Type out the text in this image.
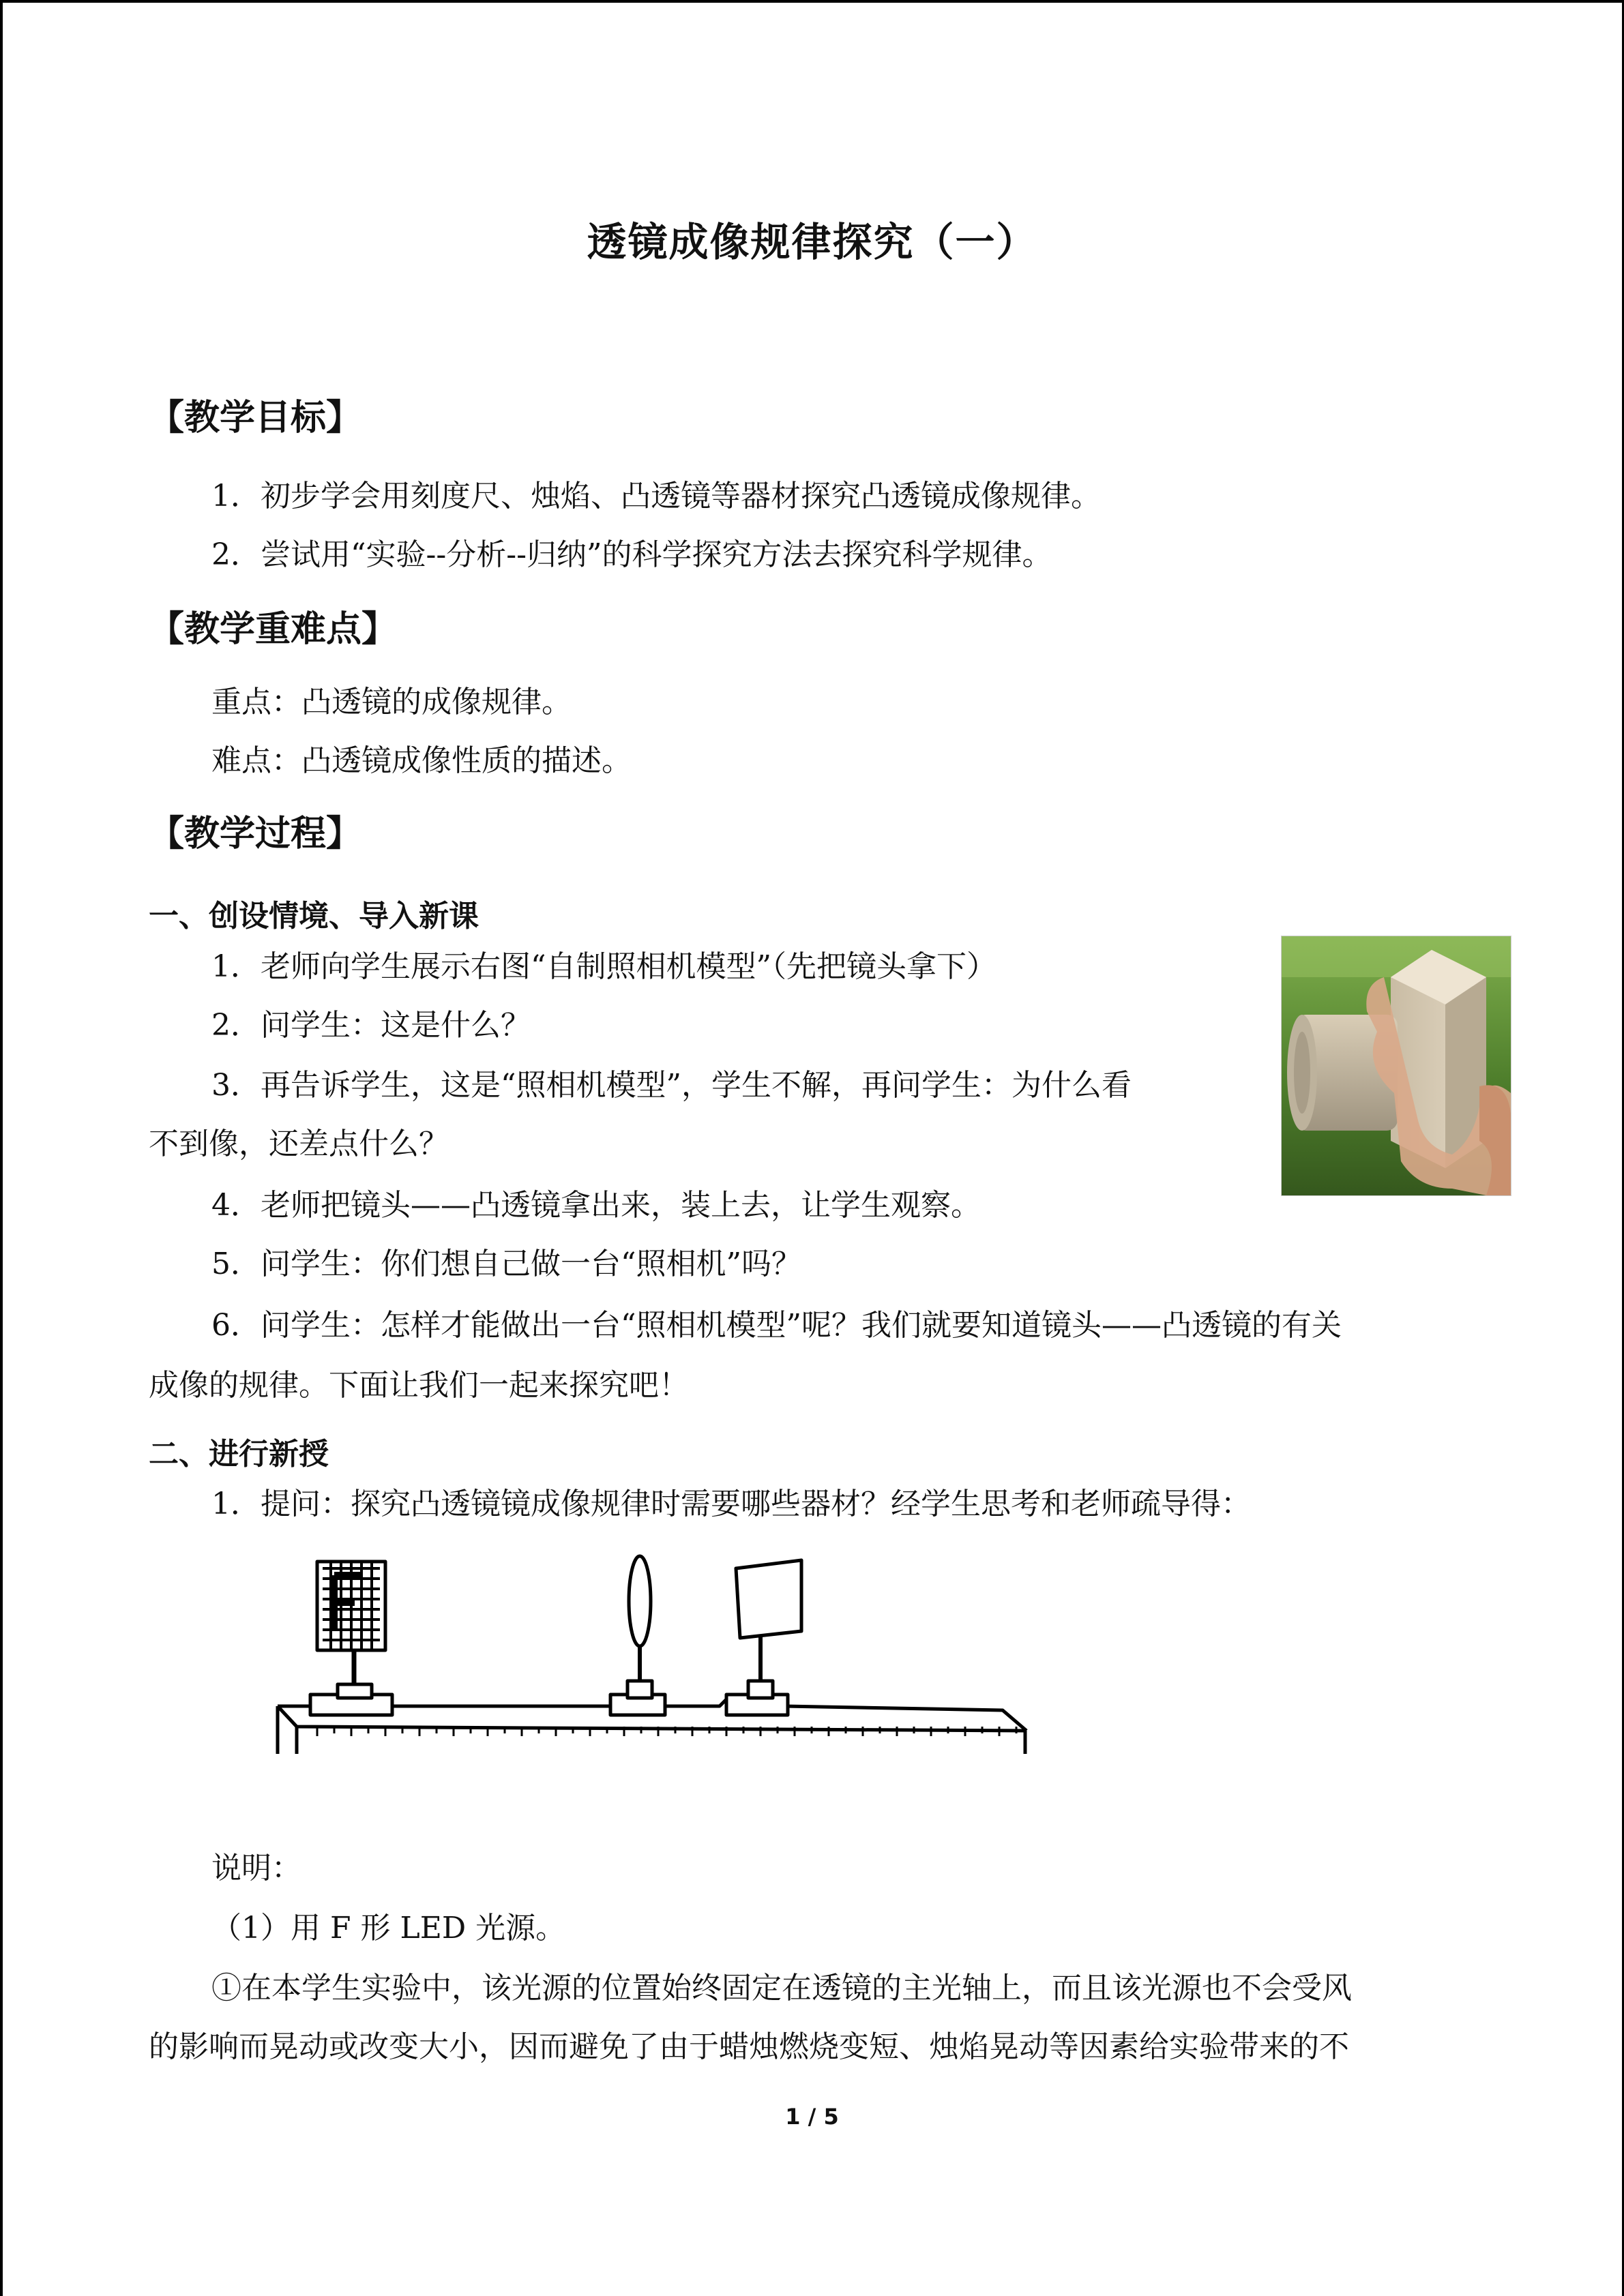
透镜成像规律探究（一）
【教学目标】
1．初步学会用刻度尺、烛焰、凸透镜等器材探究凸透镜成像规律。
2．尝试用“实验--分析--归纳”的科学探究方法去探究科学规律。
【教学重难点】
重点：凸透镜的成像规律。
难点：凸透镜成像性质的描述。
【教学过程】
一、创设情境、导入新课
1．老师向学生展示右图“自制照相机模型”（先把镜头拿下）
2．问学生：这是什么？
3．再告诉学生，这是“照相机模型”，学生不解，再问学生：为什么看
不到像，还差点什么？
4．老师把镜头——凸透镜拿出来，装上去，让学生观察。
5．问学生：你们想自己做一台“照相机”吗？
6．问学生：怎样才能做出一台“照相机模型”呢？我们就要知道镜头——凸透镜的有关
成像的规律。下面让我们一起来探究吧！
二、进行新授
1．提问：探究凸透镜镜成像规律时需要哪些器材？经学生思考和老师疏导得：
说明：
（1）用 F 形 LED 光源。
①在本学生实验中，该光源的位置始终固定在透镜的主光轴上，而且该光源也不会受风
的影响而晃动或改变大小，因而避免了由于蜡烛燃烧变短、烛焰晃动等因素给实验带来的不
1 / 5
